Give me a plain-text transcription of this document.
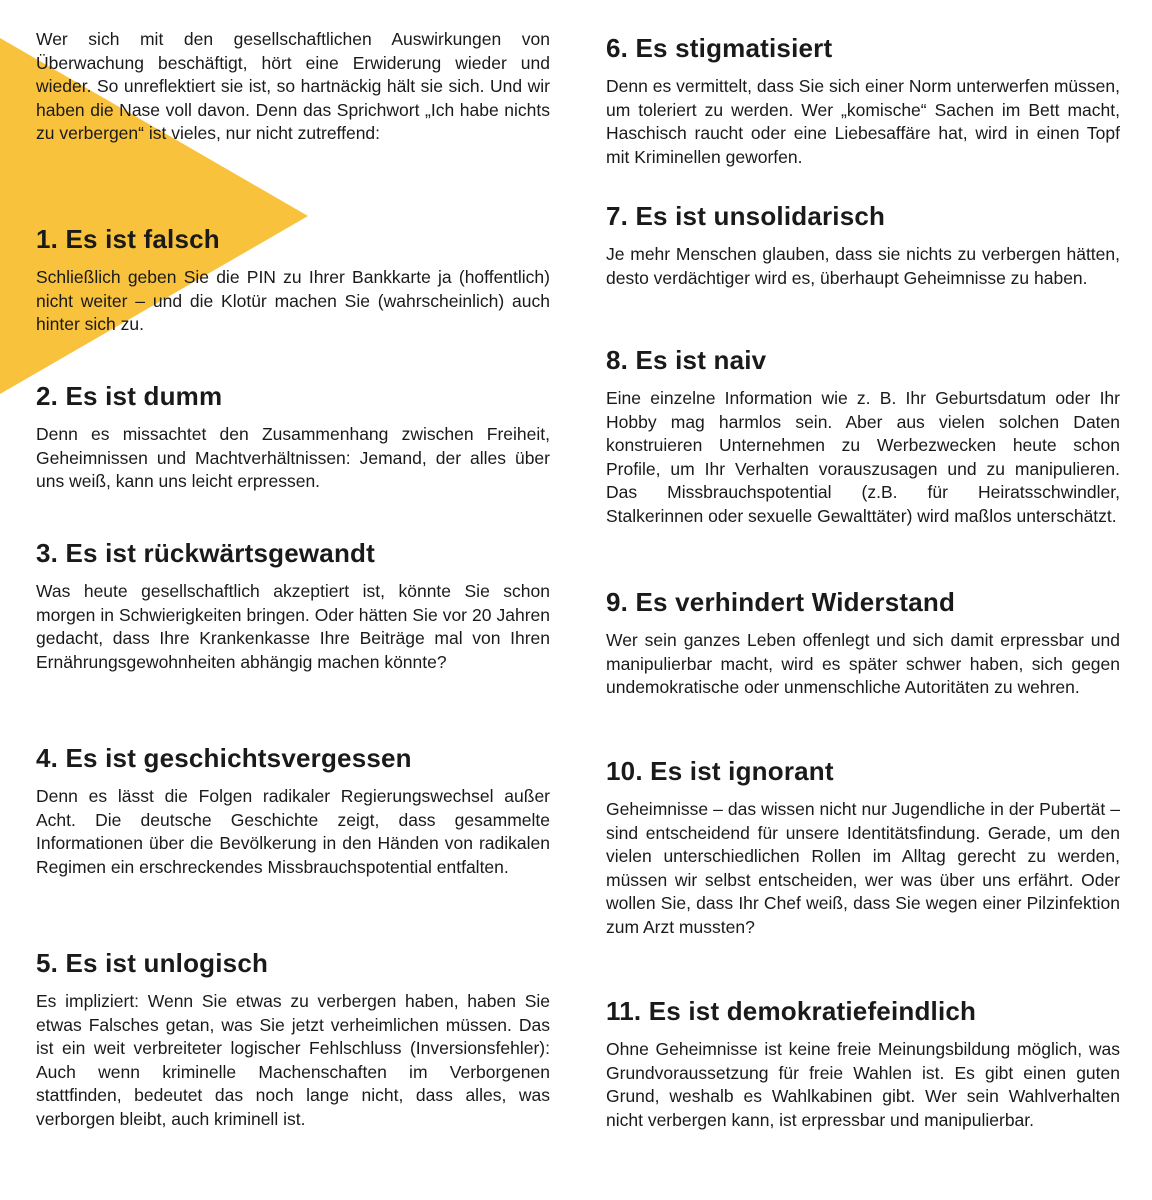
Wer sich mit den gesellschaftlichen Auswirkungen von Überwachung beschäftigt, hört eine Erwiderung wieder und wieder. So unreflektiert sie ist, so hartnäckig hält sie sich. Und wir haben die Nase voll davon. Denn das Sprichwort „Ich habe nichts zu verbergen“ ist vieles, nur nicht zutreffend:

1. Es ist falsch

Schließlich geben Sie die PIN zu Ihrer Bankkarte ja (hoffentlich) nicht weiter – und die Klotür machen Sie (wahrscheinlich) auch hinter sich zu.

2. Es ist dumm

Denn es missachtet den Zusammenhang zwischen Freiheit, Geheimnissen und Machtverhältnissen: Jemand, der alles über uns weiß, kann uns leicht erpressen.

3. Es ist rückwärtsgewandt

Was heute gesellschaftlich akzeptiert ist, könnte Sie schon morgen in Schwierigkeiten bringen. Oder hätten Sie vor 20 Jahren gedacht, dass Ihre Krankenkasse Ihre Beiträge mal von Ihren Ernährungsgewohnheiten abhängig machen könnte?

4. Es ist geschichtsvergessen

Denn es lässt die Folgen radikaler Regierungswechsel außer Acht. Die deutsche Geschichte zeigt, dass gesammelte Informationen über die Bevölkerung in den Händen von radikalen Regimen ein erschreckendes Missbrauchspotential entfalten.

5. Es ist unlogisch

Es impliziert: Wenn Sie etwas zu verbergen haben, haben Sie etwas Falsches getan, was Sie jetzt verheimlichen müssen. Das ist ein weit verbreiteter logischer Fehlschluss (Inversionsfehler): Auch wenn kriminelle Machenschaften im Verborgenen stattfinden, bedeutet das noch lange nicht, dass alles, was verborgen bleibt, auch kriminell ist.

6. Es stigmatisiert

Denn es vermittelt, dass Sie sich einer Norm unterwerfen müssen, um toleriert zu werden. Wer „komische“ Sachen im Bett macht, Haschisch raucht oder eine Liebesaffäre hat, wird in einen Topf mit Kriminellen geworfen.

7. Es ist unsolidarisch

Je mehr Menschen glauben, dass sie nichts zu verbergen hätten, desto verdächtiger wird es, überhaupt Geheimnisse zu haben.

8. Es ist naiv

Eine einzelne Information wie z. B. Ihr Geburtsdatum oder Ihr Hobby mag harmlos sein. Aber aus vielen solchen Daten konstruieren Unternehmen zu Werbezwecken heute schon Profile, um Ihr Verhalten vorauszusagen und zu manipulieren. Das Missbrauchspotential (z.B. für Heiratsschwindler, Stalkerinnen oder sexuelle Gewalttäter) wird maßlos unterschätzt.

9. Es verhindert Widerstand

Wer sein ganzes Leben offenlegt und sich damit erpressbar und manipulierbar macht, wird es später schwer haben, sich gegen undemokratische oder unmenschliche Autoritäten zu wehren.

10. Es ist ignorant

Geheimnisse – das wissen nicht nur Jugendliche in der Pubertät – sind entscheidend für unsere Identitätsfindung. Gerade, um den vielen unterschiedlichen Rollen im Alltag gerecht zu werden, müssen wir selbst entscheiden, wer was über uns erfährt. Oder wollen Sie, dass Ihr Chef weiß, dass Sie wegen einer Pilzinfektion zum Arzt mussten?

11. Es ist demokratiefeindlich

Ohne Geheimnisse ist keine freie Meinungsbildung möglich, was Grundvoraussetzung für freie Wahlen ist. Es gibt einen guten Grund, weshalb es Wahlkabinen gibt. Wer sein Wahlverhalten nicht verbergen kann, ist erpressbar und manipulierbar.
